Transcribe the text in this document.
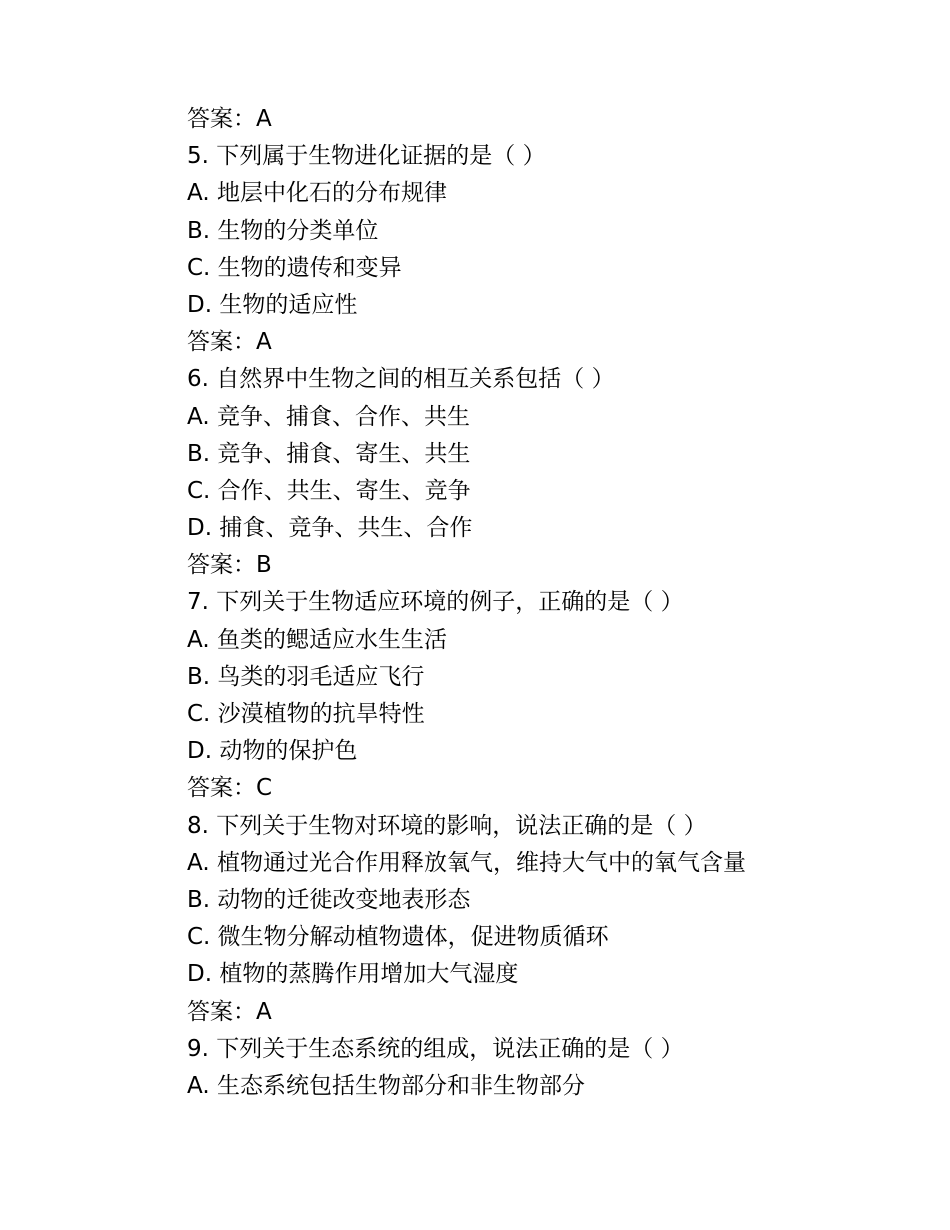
答案：A
5. 下列属于生物进化证据的是（ ）
A. 地层中化石的分布规律
B. 生物的分类单位
C. 生物的遗传和变异
D. 生物的适应性
答案：A
6. 自然界中生物之间的相互关系包括（ ）
A. 竞争、捕食、合作、共生
B. 竞争、捕食、寄生、共生
C. 合作、共生、寄生、竞争
D. 捕食、竞争、共生、合作
答案：B
7. 下列关于生物适应环境的例子，正确的是（ ）
A. 鱼类的鳃适应水生生活
B. 鸟类的羽毛适应飞行
C. 沙漠植物的抗旱特性
D. 动物的保护色
答案：C
8. 下列关于生物对环境的影响，说法正确的是（ ）
A. 植物通过光合作用释放氧气，维持大气中的氧气含量
B. 动物的迁徙改变地表形态
C. 微生物分解动植物遗体，促进物质循环
D. 植物的蒸腾作用增加大气湿度
答案：A
9. 下列关于生态系统的组成，说法正确的是（ ）
A. 生态系统包括生物部分和非生物部分
